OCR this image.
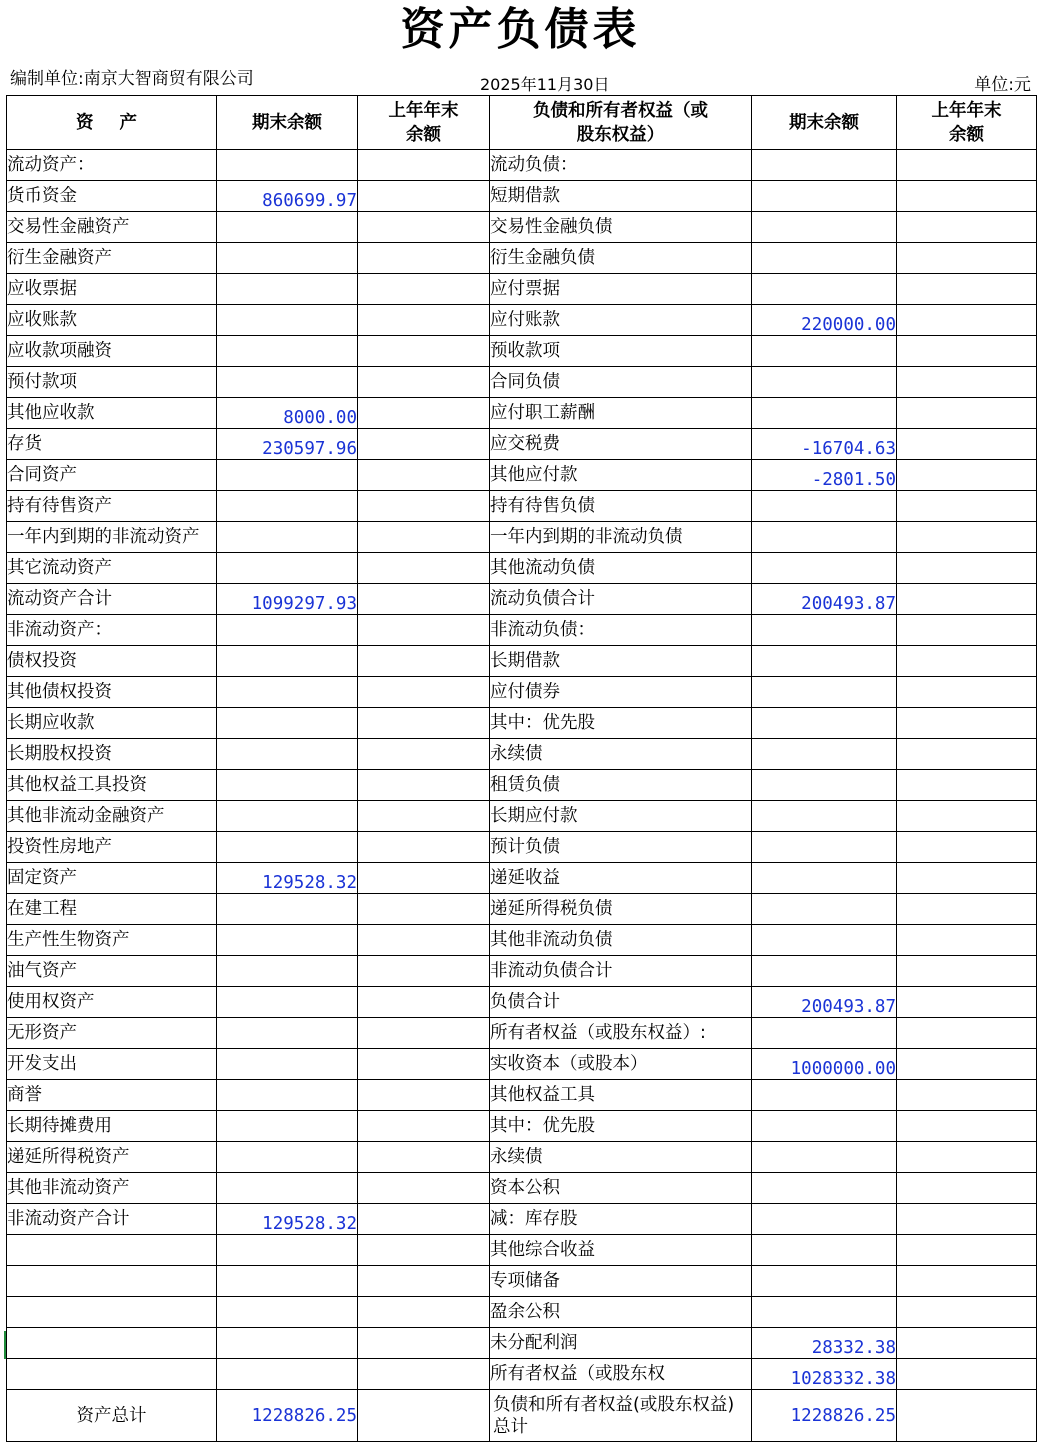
资产负债表
编制单位:南京大智商贸有限公司	2025年11月30日	单位:元
资 产	期末余额	上年年末余额	负债和所有者权益（或股东权益）	期末余额	上年年末余额
流动资产：			流动负债：		
货币资金	860699.97		短期借款		
交易性金融资产			交易性金融负债		
衍生金融资产			衍生金融负债		
应收票据			应付票据		
应收账款			应付账款	220000.00	
应收款项融资			预收款项		
预付款项			合同负债		
其他应收款	8000.00		应付职工薪酬		
存货	230597.96		应交税费	-16704.63	
合同资产			其他应付款	-2801.50	
持有待售资产			持有待售负债		
一年内到期的非流动资产			一年内到期的非流动负债		
其它流动资产			其他流动负债		
流动资产合计	1099297.93		流动负债合计	200493.87	
非流动资产：			非流动负债：		
债权投资			长期借款		
其他债权投资			应付债券		
长期应收款			其中：优先股		
长期股权投资			永续债		
其他权益工具投资			租赁负债		
其他非流动金融资产			长期应付款		
投资性房地产			预计负债		
固定资产	129528.32		递延收益		
在建工程			递延所得税负债		
生产性生物资产			其他非流动负债		
油气资产			非流动负债合计		
使用权资产			负债合计	200493.87	
无形资产			所有者权益（或股东权益）:		
开发支出			实收资本（或股本）	1000000.00	
商誉			其他权益工具		
长期待摊费用			其中：优先股		
递延所得税资产			永续债		
其他非流动资产			资本公积		
非流动资产合计	129528.32		减：库存股		
			其他综合收益		
			专项储备		
			盈余公积		
			未分配利润	28332.38	
			所有者权益（或股东权	1028332.38	
资产总计	1228826.25		负债和所有者权益(或股东权益)总计	1228826.25	
